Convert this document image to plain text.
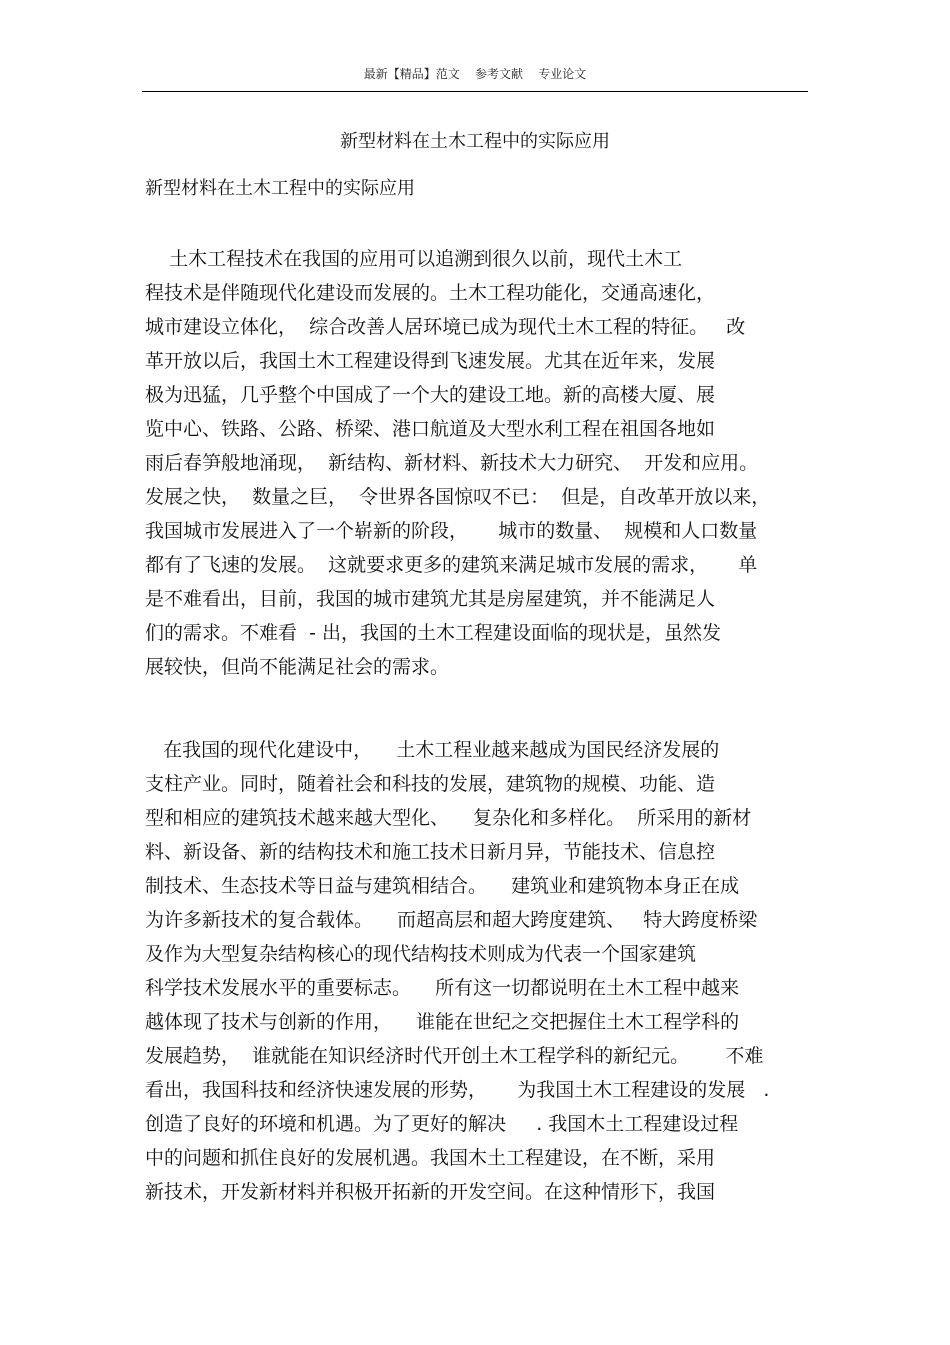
最新【精品】范文    参考文献    专业论文
新型材料在土木工程中的实际应用
新型材料在土木工程中的实际应用
土木工程技术在我国的应用可以追溯到很久以前，现代土木工
程技术是伴随现代化建设而发展的。土木工程功能化，交通高速化，
城市建设立体化，  综合改善人居环境已成为现代土木工程的特征。   改
革开放以后，我国土木工程建设得到飞速发展。尤其在近年来，发展
极为迅猛，几乎整个中国成了一个大的建设工地。新的高楼大厦、展
览中心、铁路、公路、桥梁、港口航道及大型水利工程在祖国各地如
雨后春笋般地涌现，  新结构、新材料、新技术大力研究、  开发和应用。
发展之快，  数量之巨，  令世界各国惊叹不已：  但是，自改革开放以来，
我国城市发展进入了一个崭新的阶段，     城市的数量、  规模和人口数量
都有了飞速的发展。  这就要求更多的建筑来满足城市发展的需求，     单
是不难看出，目前，我国的城市建筑尤其是房屋建筑，并不能满足人
们的需求。不难看  - 出，我国的土木工程建设面临的现状是，虽然发
展较快，但尚不能满足社会的需求。
在我国的现代化建设中，    土木工程业越来越成为国民经济发展的
支柱产业。同时，随着社会和科技的发展，建筑物的规模、功能、造
型和相应的建筑技术越来越大型化、    复杂化和多样化。  所采用的新材
料、新设备、新的结构技术和施工技术日新月异，节能技术、信息控
制技术、生态技术等日益与建筑相结合。    建筑业和建筑物本身正在成
为许多新技术的复合载体。    而超高层和超大跨度建筑、   特大跨度桥梁
及作为大型复杂结构核心的现代结构技术则成为代表一个国家建筑
科学技术发展水平的重要标志。    所有这一切都说明在土木工程中越来
越体现了技术与创新的作用，    谁能在世纪之交把握住土木工程学科的
发展趋势，  谁就能在知识经济时代开创土木工程学科的新纪元。      不难
看出，我国科技和经济快速发展的形势，     为我国土木工程建设的发展   .
创造了良好的环境和机遇。为了更好的解决     . 我国木土工程建设过程
中的问题和抓住良好的发展机遇。我国木土工程建设，在不断，采用
新技术，开发新材料并积极开拓新的开发空间。在这种情形下，我国
